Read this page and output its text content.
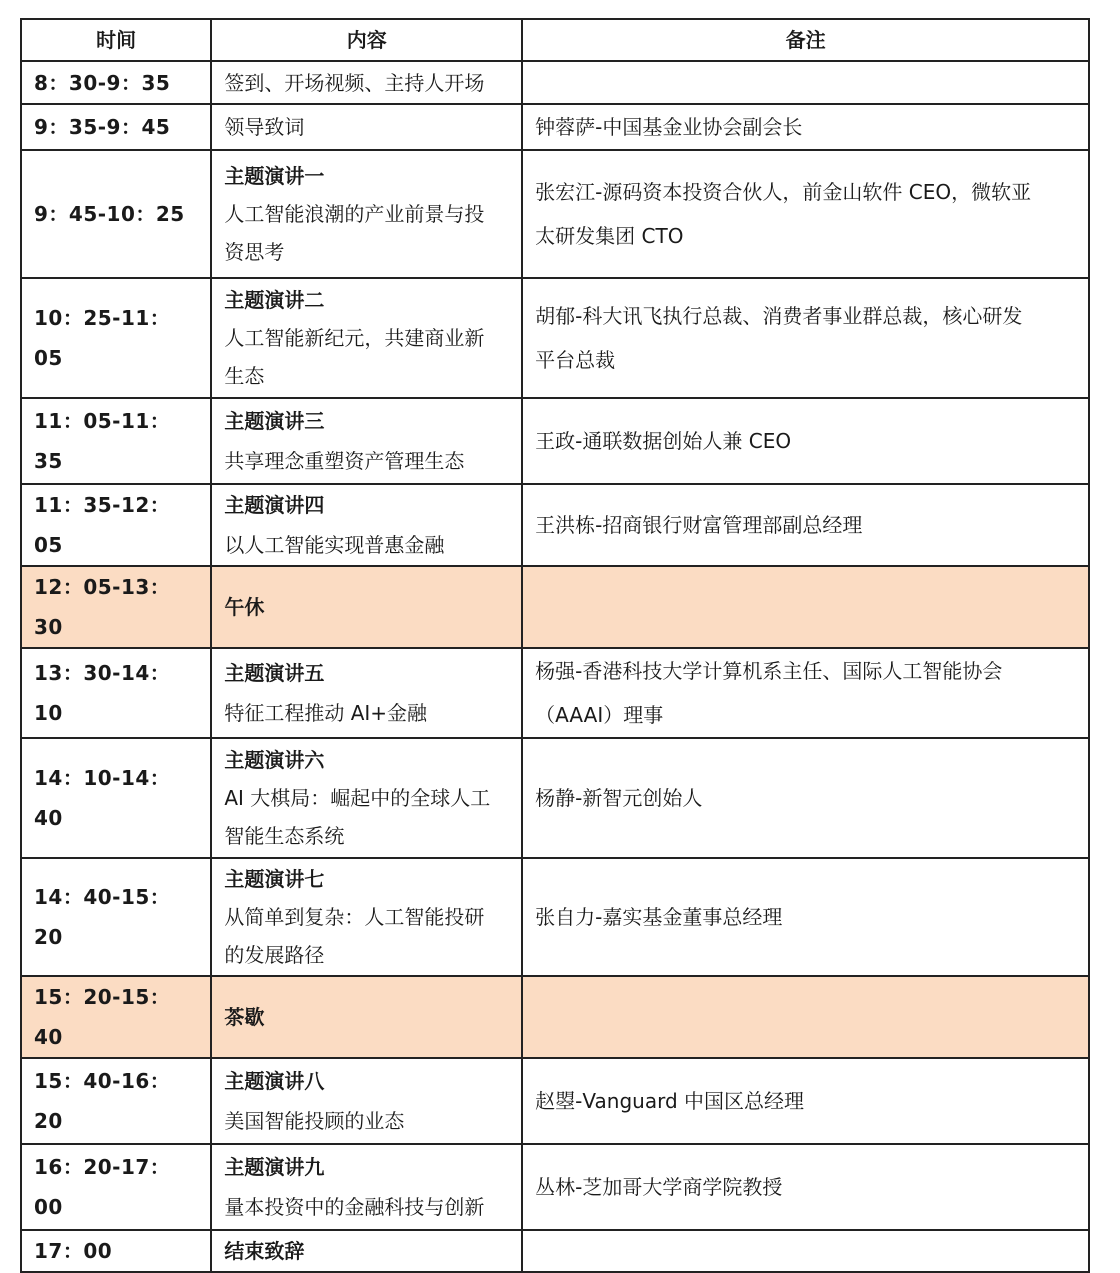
时间	内容	备注
8：30-9：35	签到、开场视频、主持人开场	

9：35-9：45	领导致词	钟蓉萨-中国基金业协会副会长

9：45-10：25	主题演讲一
人工智能浪潮的产业前景与投
资思考	张宏江-源码资本投资合伙人，前金山软件 CEO，微软亚
太研发集团 CTO

10：25-11：05	主题演讲二
人工智能新纪元，共建商业新
生态	胡郁-科大讯飞执行总裁、消费者事业群总裁，核心研发
平台总裁

11：05-11：35	主题演讲三
共享理念重塑资产管理生态	王政-通联数据创始人兼 CEO

11：35-12：05	主题演讲四
以人工智能实现普惠金融	王洪栋-招商银行财富管理部副总经理

12：05-13：30	午休	

13：30-14：10	主题演讲五
特征工程推动 AI+金融	杨强-香港科技大学计算机系主任、国际人工智能协会
（AAAI）理事

14：10-14：40	主题演讲六
AI 大棋局：崛起中的全球人工
智能生态系统	杨静-新智元创始人

14：40-15：20	主题演讲七
从简单到复杂：人工智能投研
的发展路径	张自力-嘉实基金董事总经理

15：20-15：40	茶歇	

15：40-16：20	主题演讲八
美国智能投顾的业态	赵曌-Vanguard 中国区总经理

16：20-17：00	主题演讲九
量本投资中的金融科技与创新	丛林-芝加哥大学商学院教授

17：00	结束致辞	
